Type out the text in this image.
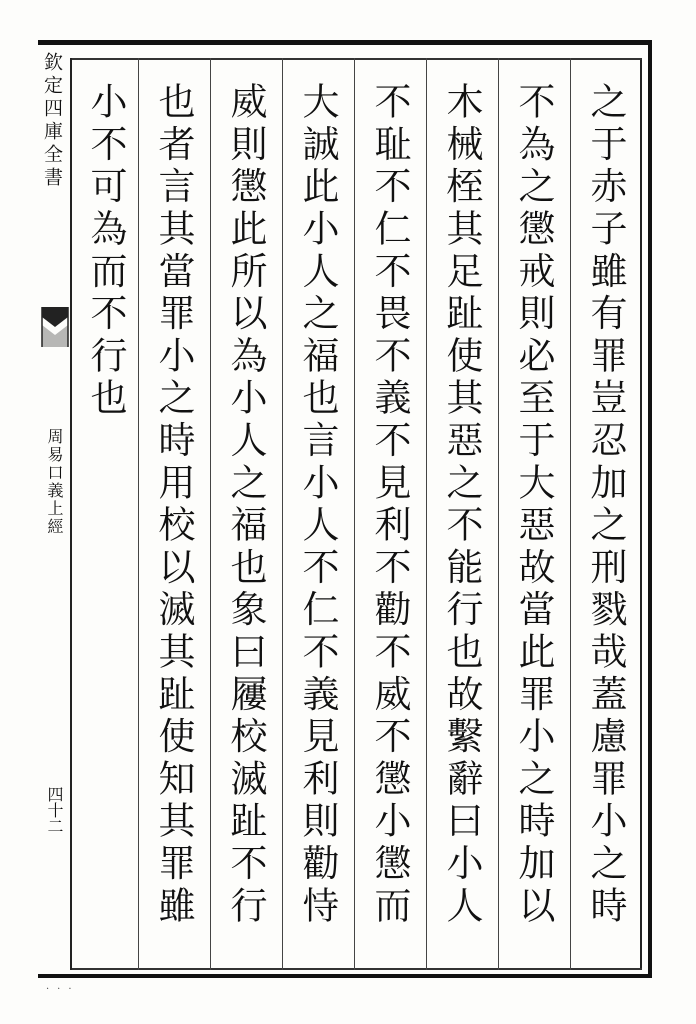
欽定四庫全書
周易口義上經
四十二	之于赤子雖有罪豈忍加之刑戮哉蓋慮罪小之時
不為之懲戒則必至于大惡故當此罪小之時加以
木械桎其足趾使其惡之不能行也故繫辭曰小人
不耻不仁不畏不義不見利不勸不威不懲小懲而
大誠此小人之福也言小人不仁不義見利則勸恃
威則懲此所以為小人之福也象曰屨校滅趾不行
也者言其當罪小之時用校以滅其趾使知其罪雖
小不可為而不行也
···
